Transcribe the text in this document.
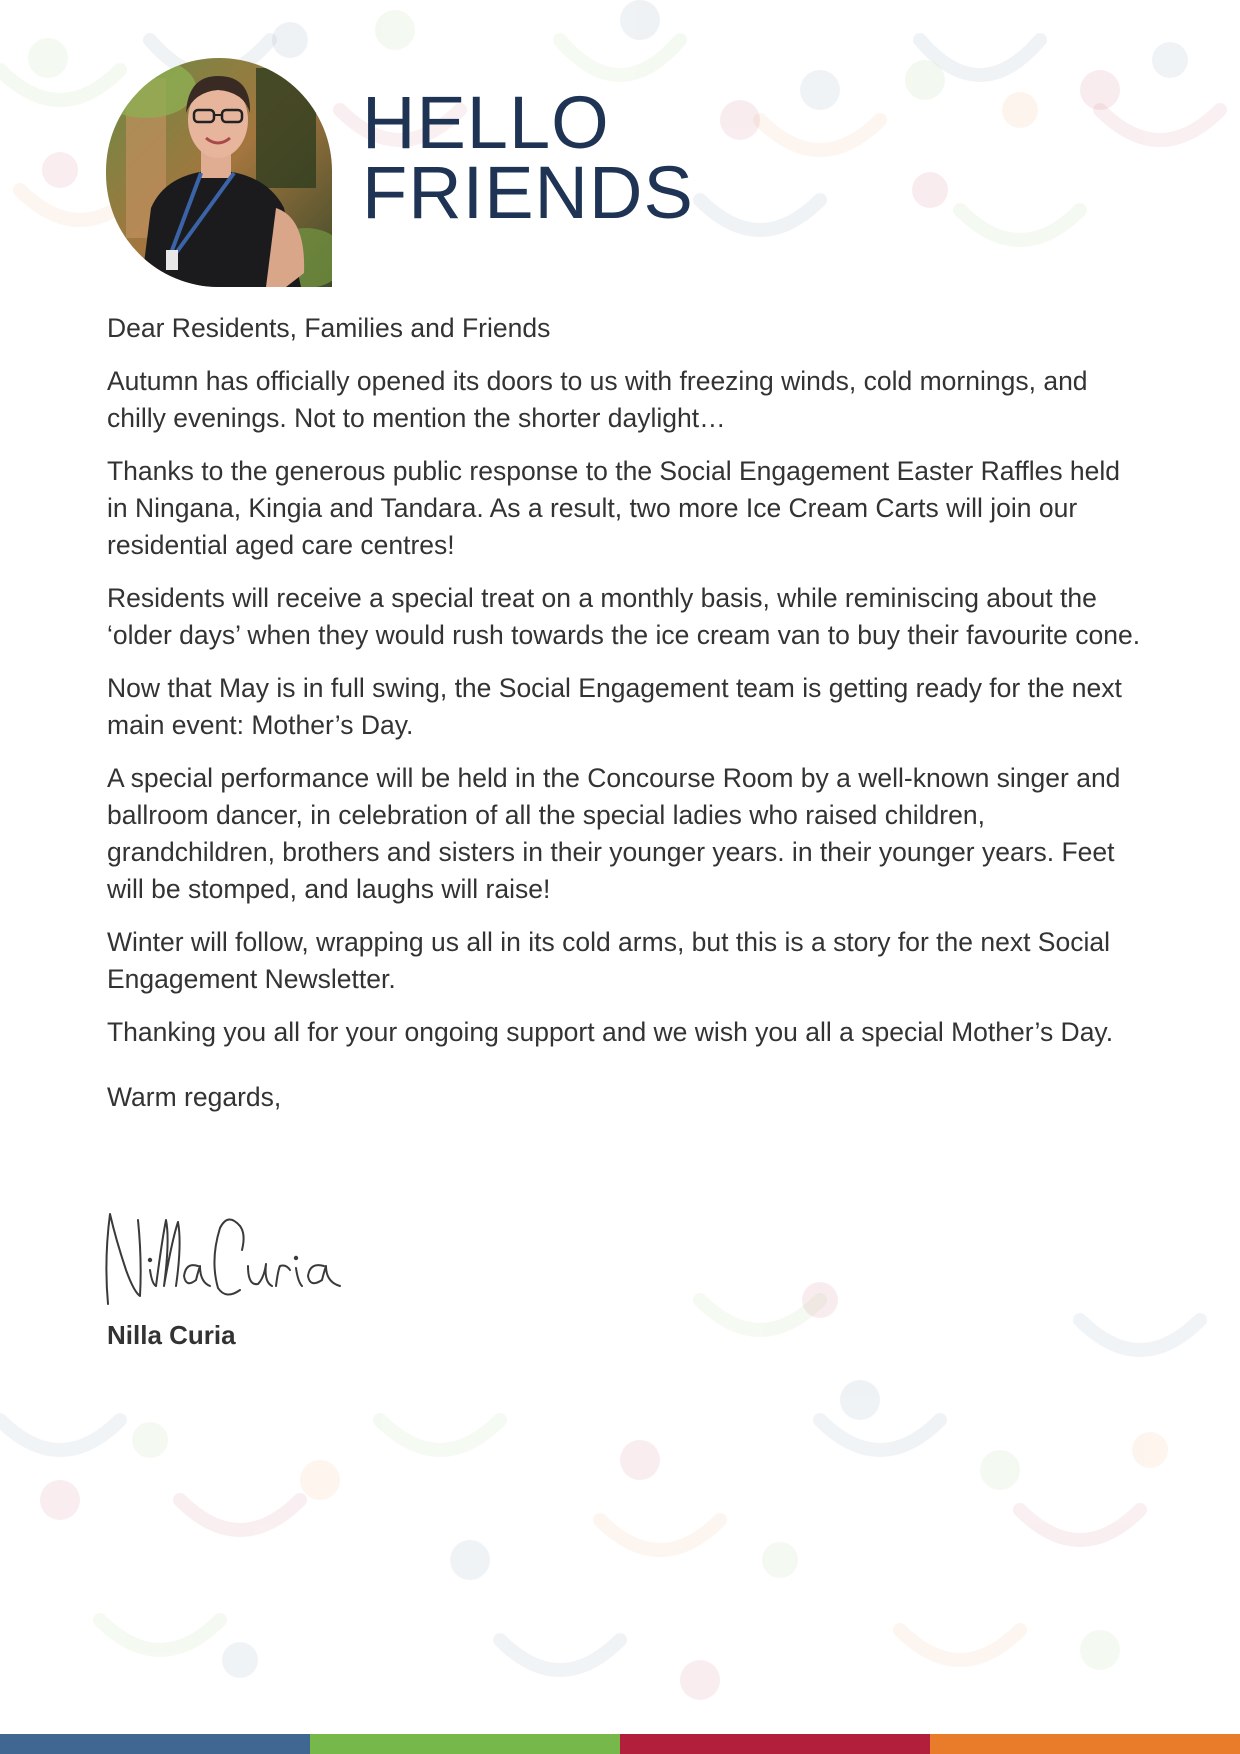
HELLO
FRIENDS

Dear Residents, Families and Friends

Autumn has officially opened its doors to us with freezing winds, cold mornings, and chilly evenings. Not to mention the shorter daylight…

Thanks to the generous public response to the Social Engagement Easter Raffles held in Ningana, Kingia and Tandara. As a result, two more Ice Cream Carts will join our residential aged care centres!

Residents will receive a special treat on a monthly basis, while reminiscing about the ‘older days’ when they would rush towards the ice cream van to buy their favourite cone.

Now that May is in full swing, the Social Engagement team is getting ready for the next main event: Mother’s Day.

A special performance will be held in the Concourse Room by a well-known singer and ballroom dancer, in celebration of all the special ladies who raised children, grandchildren, brothers and sisters in their younger years. in their younger years. Feet will be stomped, and laughs will raise!

Winter will follow, wrapping us all in its cold arms, but this is a story for the next Social Engagement Newsletter.

Thanking you all for your ongoing support and we wish you all a special Mother’s Day.

Warm regards,

Nilla Curia
